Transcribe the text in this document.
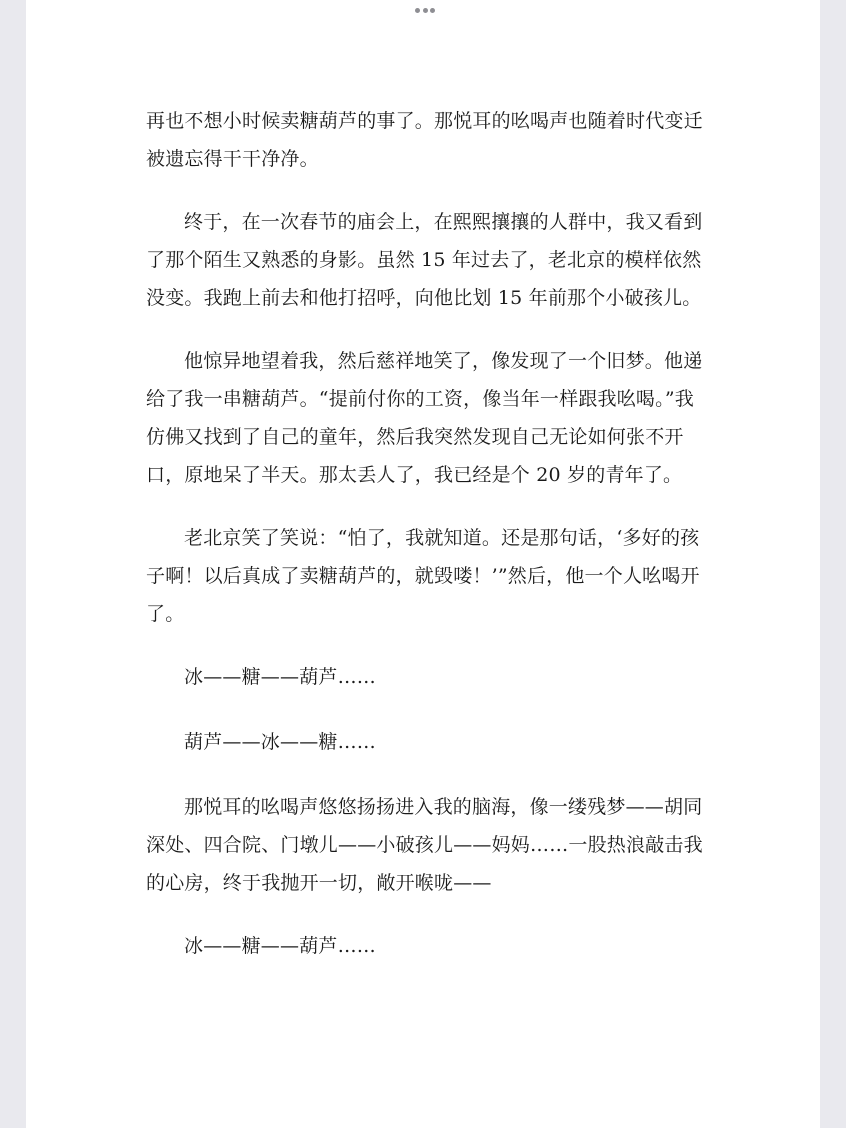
再也不想小时候卖糖葫芦的事了。那悦耳的吆喝声也随着时代变迁被遗忘得干干净净。

终于，在一次春节的庙会上，在熙熙攘攘的人群中，我又看到了那个陌生又熟悉的身影。虽然 15 年过去了，老北京的模样依然没变。我跑上前去和他打招呼，向他比划 15 年前那个小破孩儿。

他惊异地望着我，然后慈祥地笑了，像发现了一个旧梦。他递给了我一串糖葫芦。“提前付你的工资，像当年一样跟我吆喝。”我仿佛又找到了自己的童年，然后我突然发现自己无论如何张不开口，原地呆了半天。那太丢人了，我已经是个 20 岁的青年了。

老北京笑了笑说：“怕了，我就知道。还是那句话，‘多好的孩子啊！以后真成了卖糖葫芦的，就毁喽！’”然后，他一个人吆喝开了。

冰——糖——葫芦……

葫芦——冰——糖……

那悦耳的吆喝声悠悠扬扬进入我的脑海，像一缕残梦——胡同深处、四合院、门墩儿——小破孩儿——妈妈……一股热浪敲击我的心房，终于我抛开一切，敞开喉咙——

冰——糖——葫芦……
